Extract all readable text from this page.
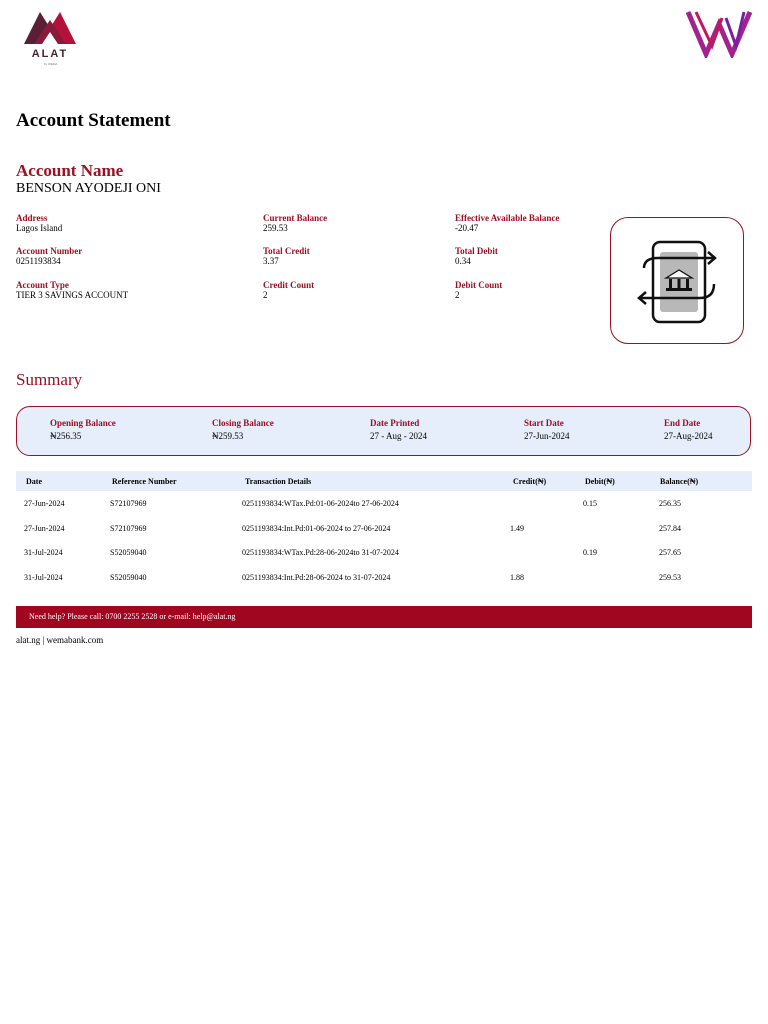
ALAT
by WEMA
Account Statement
Account Name
BENSON AYODEJI ONI
Address
Lagos Island
Account Number
0251193834
Account Type
TIER 3 SAVINGS ACCOUNT
Current Balance
259.53
Total Credit
3.37
Credit Count
2
Effective Available Balance
-20.47
Total Debit
0.34
Debit Count
2
Summary
Opening Balance
₦256.35
Closing Balance
₦259.53
Date Printed
27 - Aug - 2024
Start Date
27-Jun-2024
End Date
27-Aug-2024
Date	Reference Number	Transaction Details	Credit(₦)	Debit(₦)	Balance(₦)
27-Jun-2024	S72107969	0251193834:WTax.Pd:01-06-2024to 27-06-2024		0.15	256.35
27-Jun-2024	S72107969	0251193834:Int.Pd:01-06-2024 to 27-06-2024	1.49		257.84
31-Jul-2024	S52059040	0251193834:WTax.Pd:28-06-2024to 31-07-2024		0.19	257.65
31-Jul-2024	S52059040	0251193834:Int.Pd:28-06-2024 to 31-07-2024	1.88		259.53
Need help? Please call: 0700 2255 2528 or e-mail: help@alat.ng
alat.ng | wemabank.com
